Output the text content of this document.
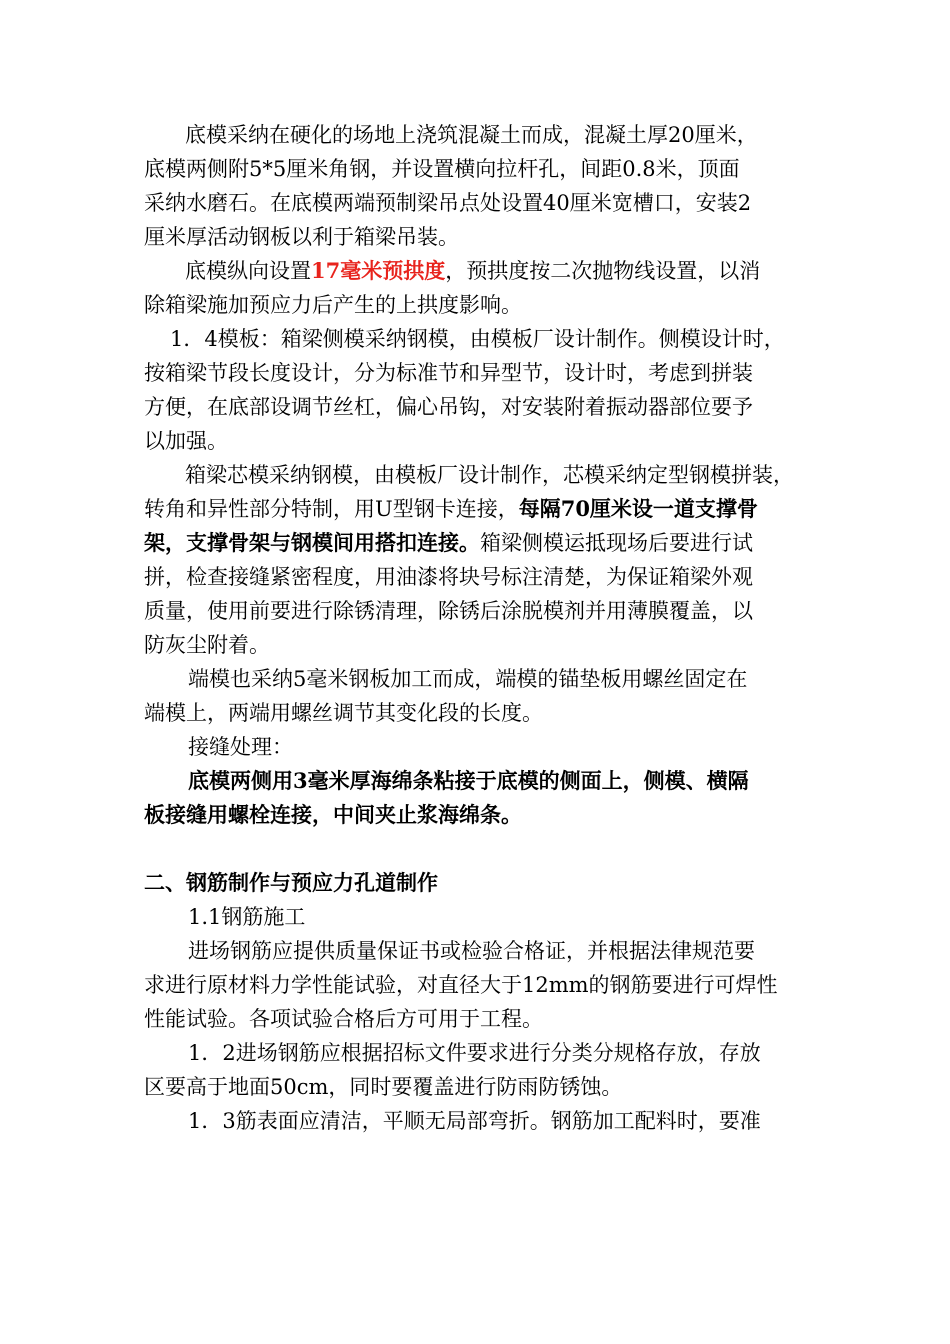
底模采纳在硬化的场地上浇筑混凝土而成，混凝土厚20厘米，
底模两侧附5*5厘米角钢，并设置横向拉杆孔，间距0.8米，顶面
采纳水磨石。在底模两端预制梁吊点处设置40厘米宽槽口，安装2
厘米厚活动钢板以利于箱梁吊装。
底模纵向设置17毫米预拱度，预拱度按二次抛物线设置，以消
除箱梁施加预应力后产生的上拱度影响。
1．4模板：箱梁侧模采纳钢模，由模板厂设计制作。侧模设计时，
按箱梁节段长度设计，分为标准节和异型节，设计时，考虑到拼装
方便，在底部设调节丝杠，偏心吊钩，对安装附着振动器部位要予
以加强。
箱梁芯模采纳钢模，由模板厂设计制作，芯模采纳定型钢模拼装，
转角和异性部分特制，用U型钢卡连接，每隔70厘米设一道支撑骨
架，支撑骨架与钢模间用搭扣连接。箱梁侧模运抵现场后要进行试
拼，检查接缝紧密程度，用油漆将块号标注清楚，为保证箱梁外观
质量，使用前要进行除锈清理，除锈后涂脱模剂并用薄膜覆盖，以
防灰尘附着。
端模也采纳5毫米钢板加工而成，端模的锚垫板用螺丝固定在
端模上，两端用螺丝调节其变化段的长度。
接缝处理：
底模两侧用3毫米厚海绵条粘接于底模的侧面上，侧模、横隔
板接缝用螺栓连接，中间夹止浆海绵条。
二、钢筋制作与预应力孔道制作
1.1钢筋施工
进场钢筋应提供质量保证书或检验合格证，并根据法律规范要
求进行原材料力学性能试验，对直径大于12mm的钢筋要进行可焊性
性能试验。各项试验合格后方可用于工程。
1．2进场钢筋应根据招标文件要求进行分类分规格存放，存放
区要高于地面50cm，同时要覆盖进行防雨防锈蚀。
1．3筋表面应清洁，平顺无局部弯折。钢筋加工配料时，要准
